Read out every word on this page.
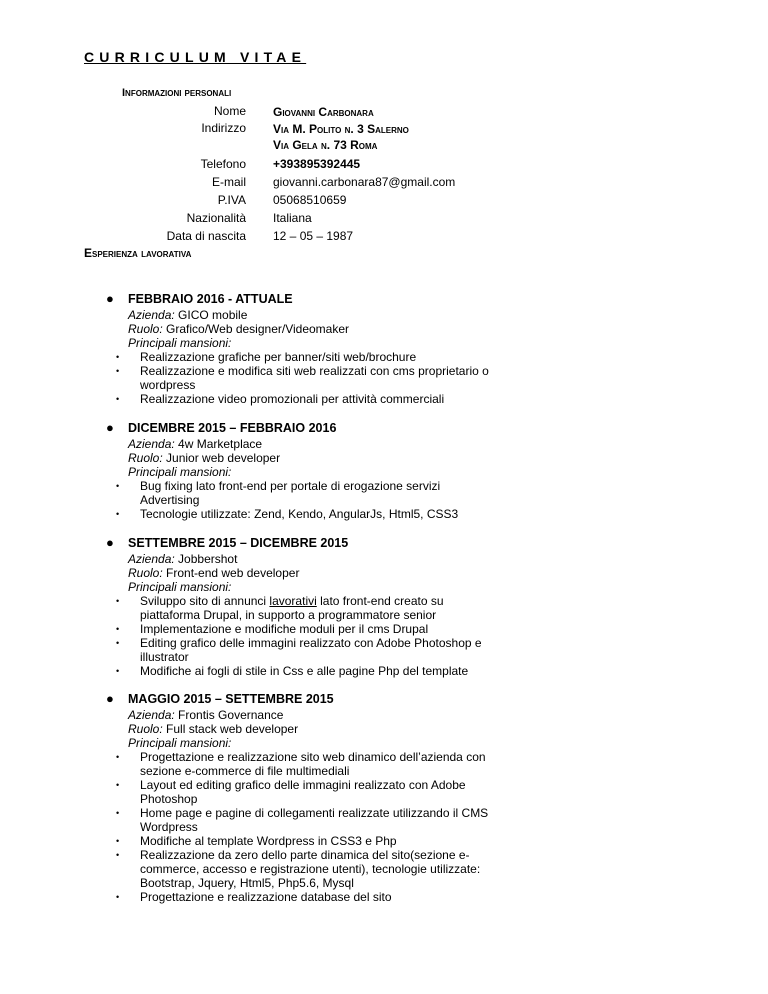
CURRICULUM VITAE
Informazioni personali
Nome Giovanni Carbonara
Indirizzo Via M. Polito n. 3 Salerno
Via Gela n. 73 Roma
Telefono +393895392445
E-mail giovanni.carbonara87@gmail.com
P.IVA 05068510659
Nazionalità Italiana
Data di nascita 12 – 05 – 1987
Esperienza lavorativa
● FEBBRAIO 2016 - ATTUALE
Azienda: GICO mobile
Ruolo: Grafico/Web designer/Videomaker
Principali mansioni:
• Realizzazione grafiche per banner/siti web/brochure
• Realizzazione e modifica siti web realizzati con cms proprietario o wordpress
• Realizzazione video promozionali per attività commerciali
● DICEMBRE 2015 – FEBBRAIO 2016
Azienda: 4w Marketplace
Ruolo: Junior web developer
Principali mansioni:
• Bug fixing lato front-end per portale di erogazione servizi Advertising
• Tecnologie utilizzate: Zend, Kendo, AngularJs, Html5, CSS3
● SETTEMBRE 2015 – DICEMBRE 2015
Azienda: Jobbershot
Ruolo: Front-end web developer
Principali mansioni:
• Sviluppo sito di annunci lavorativi lato front-end creato su piattaforma Drupal, in supporto a programmatore senior
• Implementazione e modifiche moduli per il cms Drupal
• Editing grafico delle immagini realizzato con Adobe Photoshop e illustrator
• Modifiche ai fogli di stile in Css e alle pagine Php del template
● MAGGIO 2015 – SETTEMBRE 2015
Azienda: Frontis Governance
Ruolo: Full stack web developer
Principali mansioni:
• Progettazione e realizzazione sito web dinamico dell’azienda con sezione e-commerce di file multimediali
• Layout ed editing grafico delle immagini realizzato con Adobe Photoshop
• Home page e pagine di collegamenti realizzate utilizzando il CMS Wordpress
• Modifiche al template Wordpress in CSS3 e Php
• Realizzazione da zero dello parte dinamica del sito(sezione e-commerce, accesso e registrazione utenti), tecnologie utilizzate: Bootstrap, Jquery, Html5, Php5.6, Mysql
• Progettazione e realizzazione database del sito
